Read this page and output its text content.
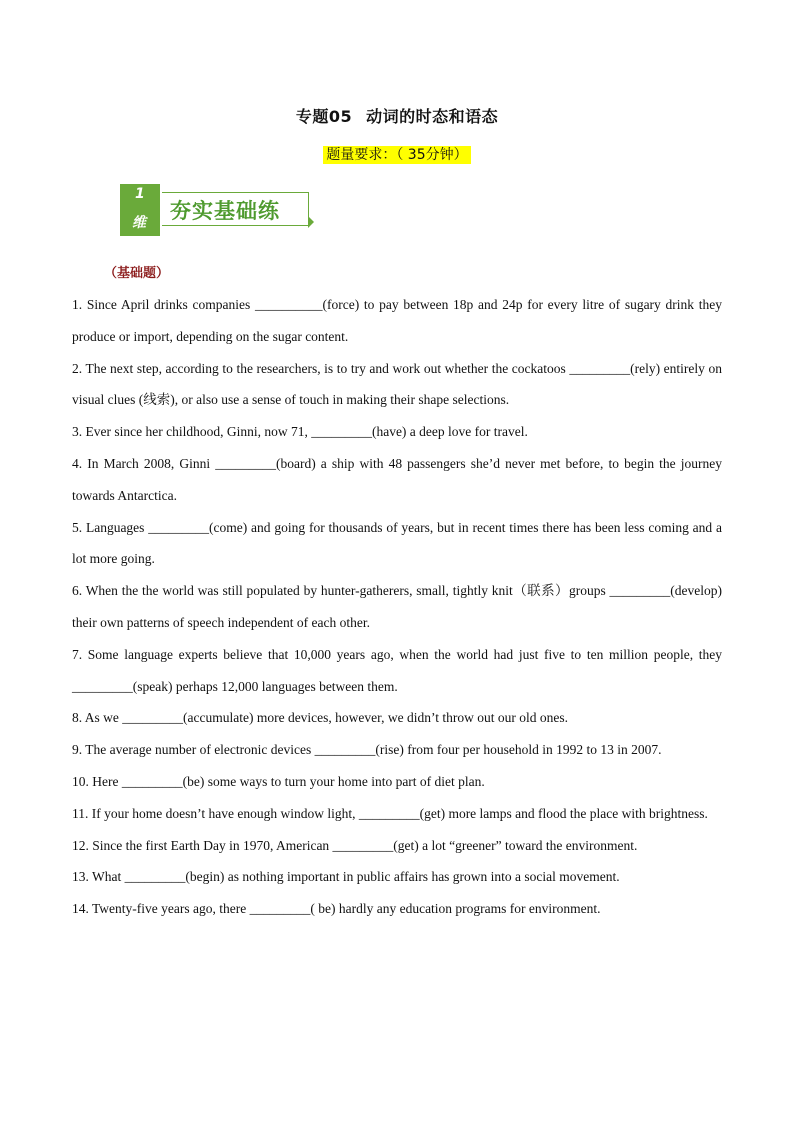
专题05 动词的时态和语态
题量要求：（ 35分钟）
1
维 夯实基础练
（基础题）

1. Since April drinks companies __________(force) to pay between 18p and 24p for every litre of sugary drink they produce or import, depending on the sugar content.

2. The next step, according to the researchers, is to try and work out whether the cockatoos _________(rely) entirely on visual clues (线索), or also use a sense of touch in making their shape selections.

3. Ever since her childhood, Ginni, now 71, _________(have) a deep love for travel.

4. In March 2008, Ginni _________(board) a ship with 48 passengers she’d never met before, to begin the journey towards Antarctica.

5. Languages _________(come) and going for thousands of years, but in recent times there has been less coming and a lot more going.

6. When the the world was still populated by hunter-gatherers, small, tightly knit（联系）groups _________(develop) their own patterns of speech independent of each other.

7. Some language experts believe that 10,000 years ago, when the world had just five to ten million people, they _________(speak) perhaps 12,000 languages between them.

8. As we _________(accumulate) more devices, however, we didn’t throw out our old ones.

9. The average number of electronic devices _________(rise) from four per household in 1992 to 13 in 2007.

10. Here _________(be) some ways to turn your home into part of diet plan.

11. If your home doesn’t have enough window light, _________(get) more lamps and flood the place with brightness.

12. Since the first Earth Day in 1970, American _________(get) a lot “greener” toward the environment.

13. What _________(begin) as nothing important in public affairs has grown into a social movement.

14. Twenty-five years ago, there _________( be) hardly any education programs for environment.
